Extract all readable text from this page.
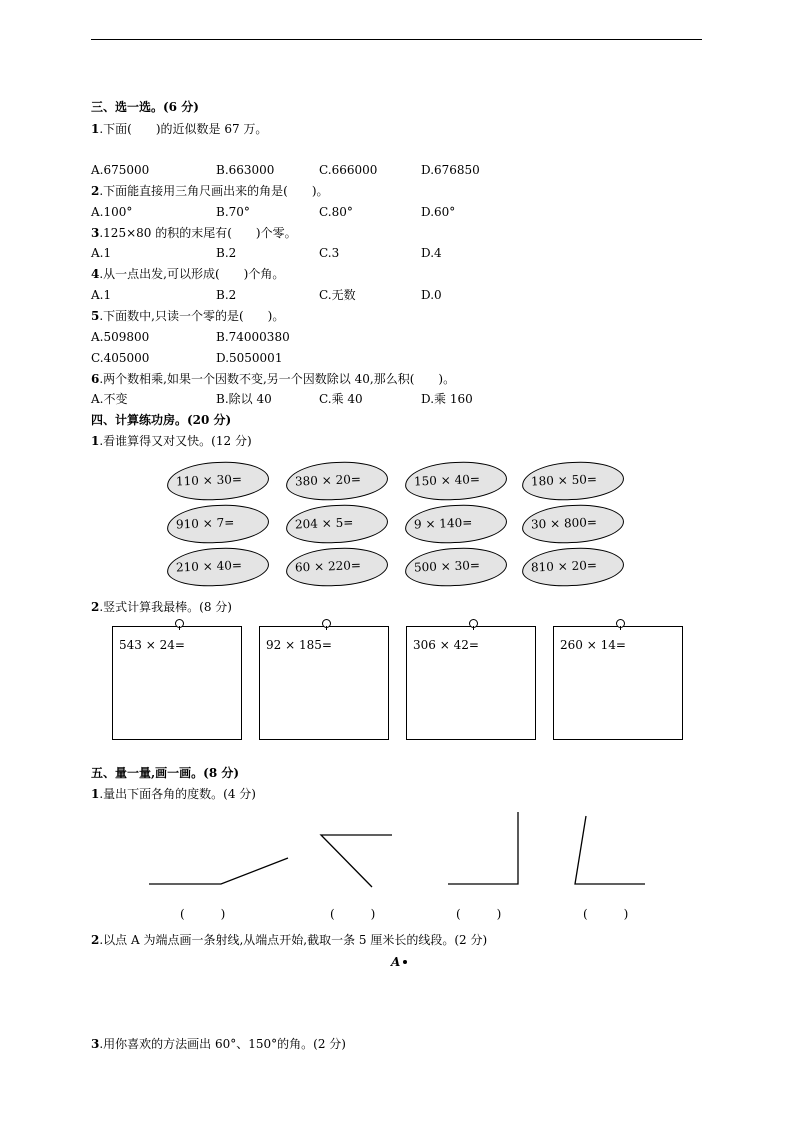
三、选一选。(6 分)
1.下面(　　)的近似数是 67 万。
A.675000	B.663000	C.666000	D.676850
2.下面能直接用三角尺画出来的角是(　　)。
A.100°	B.70°	C.80°	D.60°
3.125×80 的积的末尾有(　　)个零。
A.1	B.2	C.3	D.4
4.从一点出发,可以形成(　　)个角。
A.1	B.2	C.无数	D.0
5.下面数中,只读一个零的是(　　)。
A.509800	B.74000380
C.405000	D.5050001
6.两个数相乘,如果一个因数不变,另一个因数除以 40,那么积(　　)。
A.不变	B.除以 40	C.乘 40	D.乘 160
四、计算练功房。(20 分)
1.看谁算得又对又快。(12 分)
110 × 30=	380 × 20=	150 × 40=	180 × 50=
910 × 7=	204 × 5=	9 × 140=	30 × 800=
210 × 40=	60 × 220=	500 × 30=	810 × 20=
2.竖式计算我最棒。(8 分)
543 × 24=	92 × 185=	306 × 42=	260 × 14=
五、量一量,画一画。(8 分)
1.量出下面各角的度数。(4 分)
(　　　)	(　　　)	(　　　)	(　　　)
2.以点 A 为端点画一条射线,从端点开始,截取一条 5 厘米长的线段。(2 分)
A
3.用你喜欢的方法画出 60°、150°的角。(2 分)
